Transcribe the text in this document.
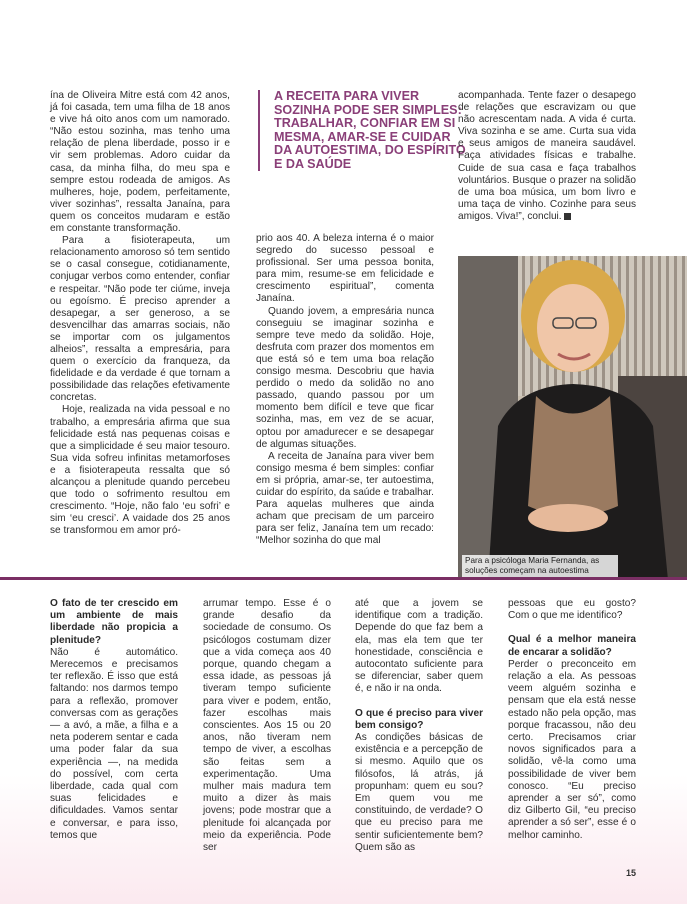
ína de Oliveira Mitre está com 42 anos, já foi casada, tem uma filha de 18 anos e vive há oito anos com um namorado. “Não estou sozinha, mas tenho uma relação de plena liberdade, posso ir e vir sem problemas. Adoro cuidar da casa, da minha filha, do meu spa e sempre estou rodeada de amigos. As mulheres, hoje, podem, perfeitamente, viver sozinhas”, ressalta Janaína, para quem os conceitos mudaram e estão em constante transformação.

Para a fisioterapeuta, um relacionamento amoroso só tem sentido se o casal consegue, cotidianamente, conjugar verbos como entender, confiar e respeitar. “Não pode ter ciúme, inveja ou egoísmo. É preciso aprender a desapegar, a ser generoso, a se desvencilhar das amarras sociais, não se importar com os julgamentos alheios”, ressalta a empresária, para quem o exercício da franqueza, da fidelidade e da verdade é que tornam a possibilidade das relações efetivamente concretas.

Hoje, realizada na vida pessoal e no trabalho, a empresária afirma que sua felicidade está nas pequenas coisas e que a simplicidade é seu maior tesouro. Sua vida sofreu infinitas metamorfoses e a fisioterapeuta ressalta que só alcançou a plenitude quando percebeu que todo o sofrimento resultou em crescimento. “Hoje, não falo ‘eu sofri’ e sim ‘eu cresci’. A vaidade dos 25 anos se transformou em amor pró-

A RECEITA PARA VIVER SOZINHA PODE SER SIMPLES: TRABALHAR, CONFIAR EM SI MESMA, AMAR-SE E CUIDAR DA AUTOESTIMA, DO ESPÍRITO E DA SAÚDE

prio aos 40. A beleza interna é o maior segredo do sucesso pessoal e profissional. Ser uma pessoa bonita, para mim, resume-se em felicidade e crescimento espiritual”, comenta Janaína.

Quando jovem, a empresária nunca conseguiu se imaginar sozinha e sempre teve medo da solidão. Hoje, desfruta com prazer dos momentos em que está só e tem uma boa relação consigo mesma. Descobriu que havia perdido o medo da solidão no ano passado, quando passou por um momento bem difícil e teve que ficar sozinha, mas, em vez de se acuar, optou por amadurecer e se desapegar de algumas situações.

A receita de Janaína para viver bem consigo mesma é bem simples: confiar em si própria, amar-se, ter autoestima, cuidar do espírito, da saúde e trabalhar. Para aquelas mulheres que ainda acham que precisam de um parceiro para ser feliz, Janaína tem um recado: “Melhor sozinha do que mal

acompanhada. Tente fazer o desapego de relações que escravizam ou que não acrescentam nada. A vida é curta. Viva sozinha e se ame. Curta sua vida e seus amigos de maneira saudável. Faça atividades físicas e trabalhe. Cuide de sua casa e faça trabalhos voluntários. Busque o prazer na solidão de uma boa música, um bom livro e uma taça de vinho. Cozinhe para seus amigos. Viva!”, conclui.

Para a psicóloga Maria Fernanda, as soluções começam na autoestima

O fato de ter crescido em um ambiente de mais liberdade não propicia a plenitude?

Não é automático. Merecemos e precisamos ter reflexão. É isso que está faltando: nos darmos tempo para a reflexão, promover conversas com as gerações — a avó, a mãe, a filha e a neta poderem sentar e cada uma poder falar da sua experiência —, na medida do possível, com certa liberdade, cada qual com suas felicidades e dificuldades. Vamos sentar e conversar, e para isso, temos que

arrumar tempo. Esse é o grande desafio da sociedade de consumo. Os psicólogos costumam dizer que a vida começa aos 40 porque, quando chegam a essa idade, as pessoas já tiveram tempo suficiente para viver e podem, então, fazer escolhas mais conscientes. Aos 15 ou 20 anos, não tiveram nem tempo de viver, a escolhas são feitas sem a experimentação. Uma mulher mais madura tem muito a dizer às mais jovens; pode mostrar que a plenitude foi alcançada por meio da experiência. Pode ser

até que a jovem se identifique com a tradição. Depende do que faz bem a ela, mas ela tem que ter honestidade, consciência e autocontato suficiente para se diferenciar, saber quem é, e não ir na onda.

O que é preciso para viver bem consigo?

As condições básicas de existência e a percepção de si mesmo. Aquilo que os filósofos, lá atrás, já propunham: quem eu sou? Em quem vou me constituindo, de verdade? O que eu preciso para me sentir suficientemente bem? Quem são as

pessoas que eu gosto? Com o que me identifico?

Qual é a melhor maneira de encarar a solidão?

Perder o preconceito em relação a ela. As pessoas veem alguém sozinha e pensam que ela está nesse estado não pela opção, mas porque fracassou, não deu certo. Precisamos criar novos significados para a solidão, vê-la como uma possibilidade de viver bem conosco. “Eu preciso aprender a ser só”, como diz Gilberto Gil, “eu preciso aprender a só ser”, esse é o melhor caminho.

15
